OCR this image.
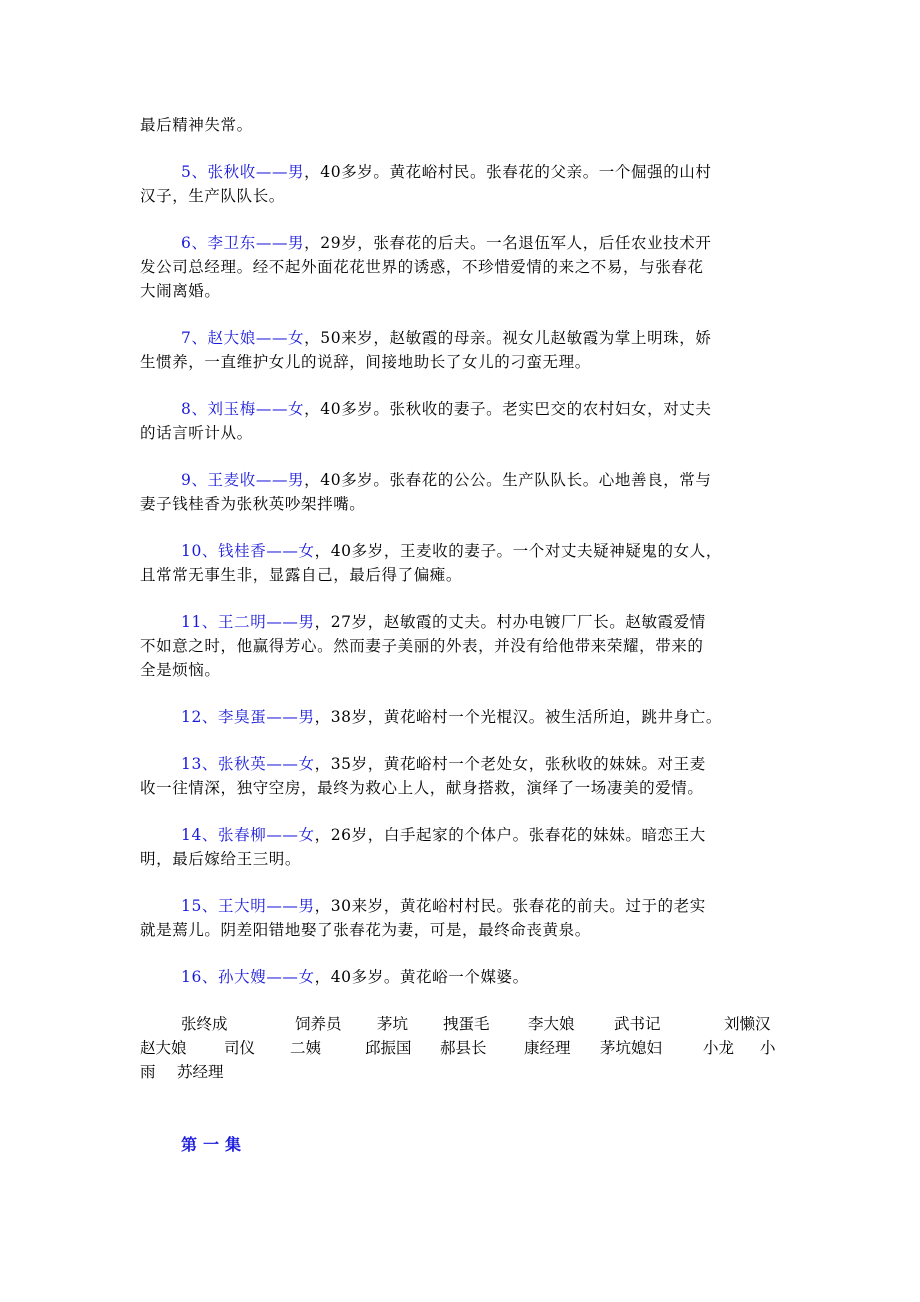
最后精神失常。
5、张秋收——男，40多岁。黄花峪村民。张春花的父亲。一个倔强的山村
汉子，生产队队长。
6、李卫东——男，29岁，张春花的后夫。一名退伍军人，后任农业技术开
发公司总经理。经不起外面花花世界的诱惑，不珍惜爱情的来之不易，与张春花
大闹离婚。
7、赵大娘——女，50来岁，赵敏霞的母亲。视女儿赵敏霞为掌上明珠，娇
生惯养，一直维护女儿的说辞，间接地助长了女儿的刁蛮无理。
8、刘玉梅——女，40多岁。张秋收的妻子。老实巴交的农村妇女，对丈夫
的话言听计从。
9、王麦收——男，40多岁。张春花的公公。生产队队长。心地善良，常与
妻子钱桂香为张秋英吵架拌嘴。
10、钱桂香——女，40多岁，王麦收的妻子。一个对丈夫疑神疑鬼的女人，
且常常无事生非，显露自己，最后得了偏瘫。
11、王二明——男，27岁，赵敏霞的丈夫。村办电镀厂厂长。赵敏霞爱情
不如意之时，他赢得芳心。然而妻子美丽的外表，并没有给他带来荣耀，带来的
全是烦恼。
12、李臭蛋——男，38岁，黄花峪村一个光棍汉。被生活所迫，跳井身亡。
13、张秋英——女，35岁，黄花峪村一个老处女，张秋收的妹妹。对王麦
收一往情深，独守空房，最终为救心上人，献身搭救，演绎了一场凄美的爱情。
14、张春柳——女，26岁，白手起家的个体户。张春花的妹妹。暗恋王大
明，最后嫁给王三明。
15、王大明——男，30来岁，黄花峪村村民。张春花的前夫。过于的老实
就是蔫儿。阴差阳错地娶了张春花为妻，可是，最终命丧黄泉。
16、孙大嫂——女，40多岁。黄花峪一个媒婆。
张终成	饲养员 茅坑 拽蛋毛 李大娘	武书记	刘懒汉
赵大娘 司仪 二姨	邱振国 郝县长 康经理 茅坑媳妇	小龙 小
雨 苏经理
第一集
